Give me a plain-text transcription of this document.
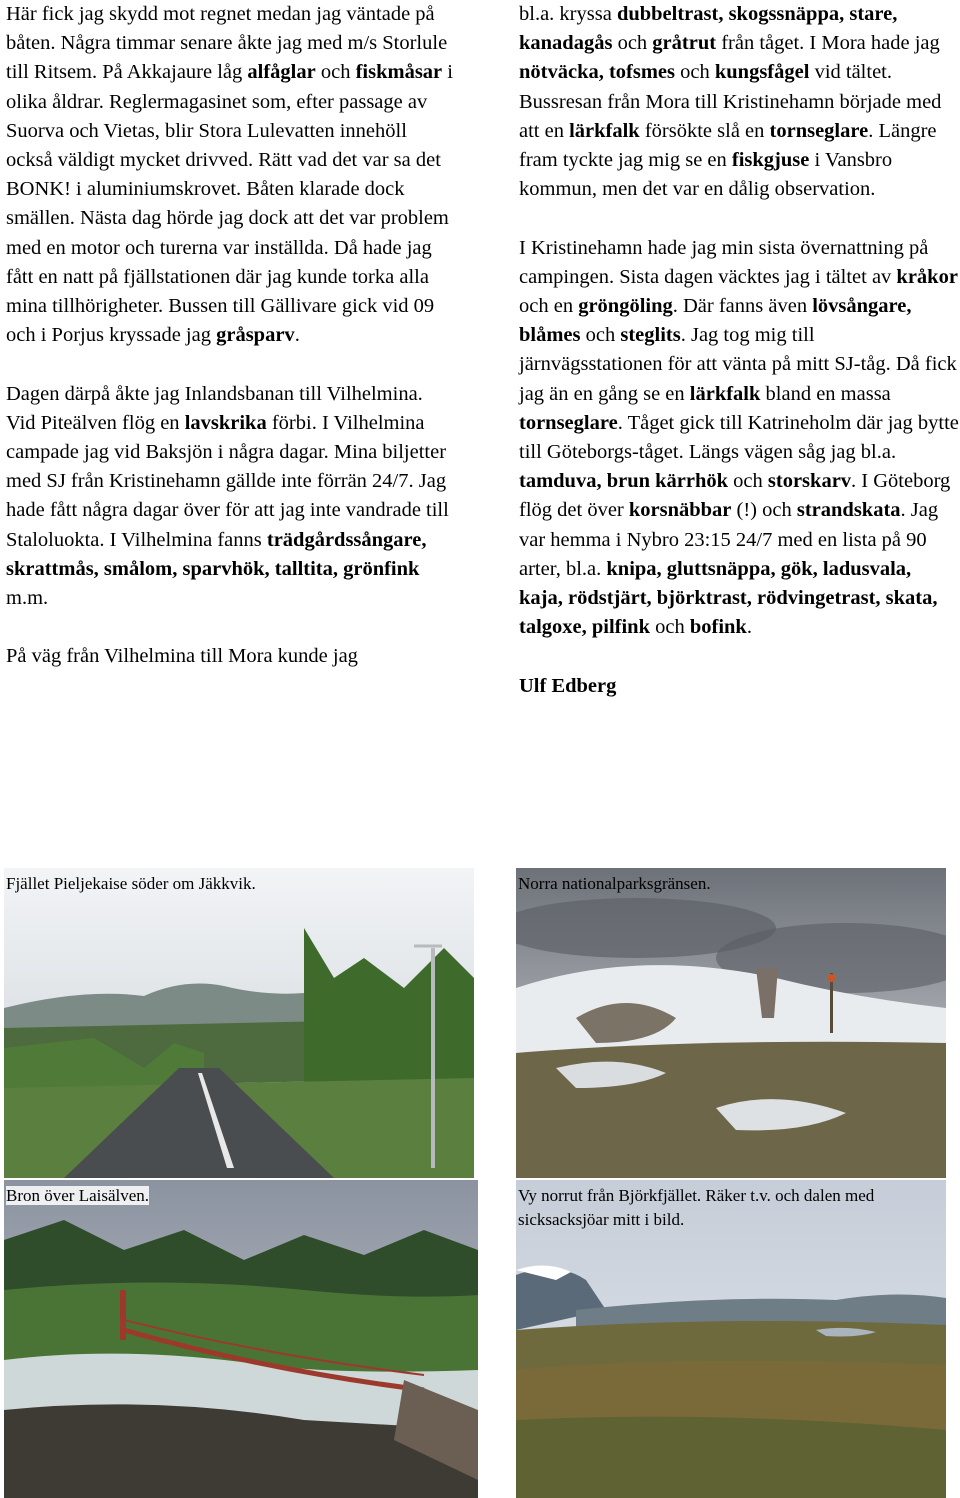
Här fick jag skydd mot regnet medan jag väntade på båten. Några timmar senare åkte jag med m/s Storlule till Ritsem. På Akkajaure låg alfåglar och fiskmåsar i olika åldrar. Reglermagasinet som, efter passage av Suorva och Vietas, blir Stora Lulevatten innehöll också väldigt mycket drivved. Rätt vad det var sa det BONK! i aluminiumskrovet. Båten klarade dock smällen. Nästa dag hörde jag dock att det var problem med en motor och turerna var inställda. Då hade jag fått en natt på fjällstationen där jag kunde torka alla mina tillhörigheter. Bussen till Gällivare gick vid 09 och i Porjus kryssade jag gråsparv.

Dagen därpå åkte jag Inlandsbanan till Vilhelmina. Vid Piteälven flög en lavskrika förbi. I Vilhelmina campade jag vid Baksjön i några dagar. Mina biljetter med SJ från Kristinehamn gällde inte förrän 24/7. Jag hade fått några dagar över för att jag inte vandrade till Staloluokta. I Vilhelmina fanns trädgårdssångare, skrattmås, smålom, sparvhök, talltita, grönfink m.m.

På väg från Vilhelmina till Mora kunde jag

bl.a. kryssa dubbeltrast, skogssnäppa, stare, kanadagås och gråtrut från tåget. I Mora hade jag nötväcka, tofsmes och kungsfågel vid tältet. Bussresan från Mora till Kristinehamn började med att en lärkfalk försökte slå en tornseglare. Längre fram tyckte jag mig se en fiskgjuse i Vansbro kommun, men det var en dålig observation.

I Kristinehamn hade jag min sista övernattning på campingen. Sista dagen väcktes jag i tältet av kråkor och en gröngöling. Där fanns även lövsångare, blåmes och steglits. Jag tog mig till järnvägsstationen för att vänta på mitt SJ-tåg. Då fick jag än en gång se en lärkfalk bland en massa tornseglare. Tåget gick till Katrineholm där jag bytte till Göteborgs-tåget. Längs vägen såg jag bl.a. tamduva, brun kärrhök och storskarv. I Göteborg flög det över korsnäbbar (!) och strandskata. Jag var hemma i Nybro 23:15 24/7 med en lista på 90 arter, bl.a. knipa, gluttsnäppa, gök, ladusvala, kaja, rödstjärt, björktrast, rödvingetrast, skata, talgoxe, pilfink och bofink.

Ulf Edberg

Fjället Pieljekaise söder om Jäkkvik.	Norra nationalparksgränsen.
Bron över Laisälven.	Vy norrut från Björkfjället. Räker t.v. och dalen med sicksacksjöar mitt i bild.
